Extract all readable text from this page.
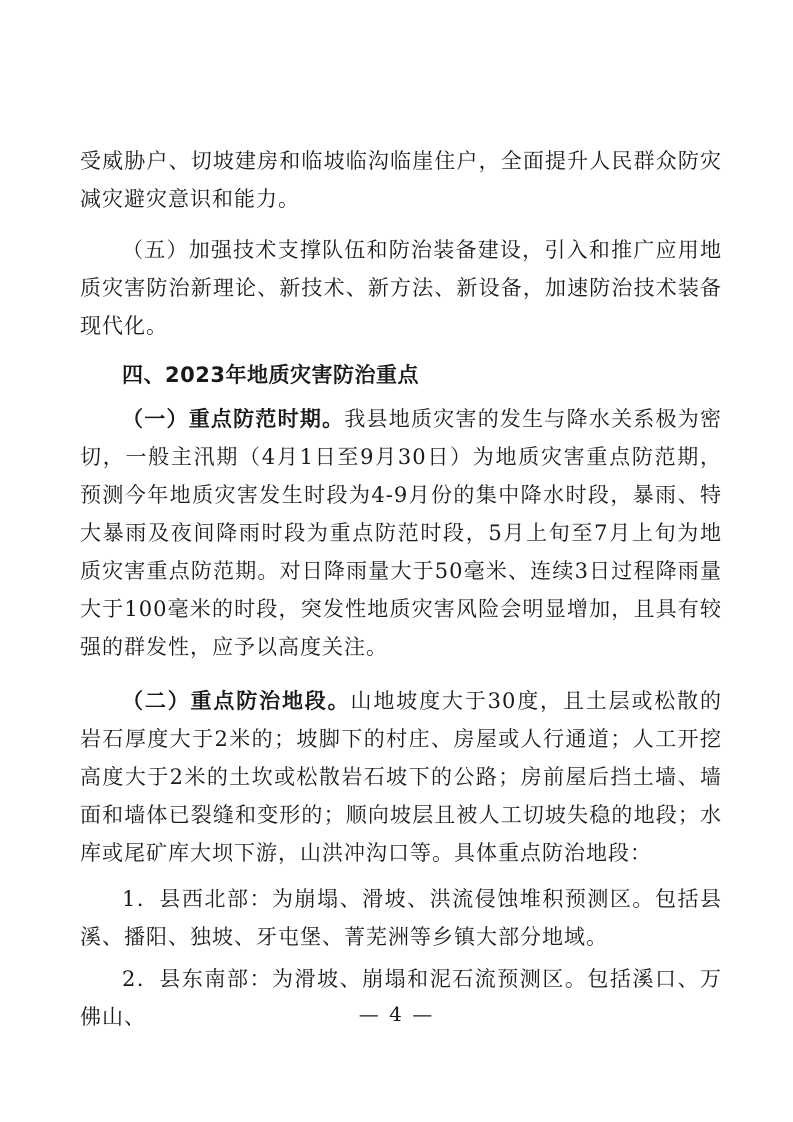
受威胁户、切坡建房和临坡临沟临崖住户，全面提升人民群众防灾减灾避灾意识和能力。

（五）加强技术支撑队伍和防治装备建设，引入和推广应用地质灾害防治新理论、新技术、新方法、新设备，加速防治技术装备现代化。

四、2023年地质灾害防治重点

（一）重点防范时期。我县地质灾害的发生与降水关系极为密切，一般主汛期（4月1日至9月30日）为地质灾害重点防范期，预测今年地质灾害发生时段为4-9月份的集中降水时段，暴雨、特大暴雨及夜间降雨时段为重点防范时段，5月上旬至7月上旬为地质灾害重点防范期。对日降雨量大于50毫米、连续3日过程降雨量大于100毫米的时段，突发性地质灾害风险会明显增加，且具有较强的群发性，应予以高度关注。

（二）重点防治地段。山地坡度大于30度，且土层或松散的岩石厚度大于2米的；坡脚下的村庄、房屋或人行通道；人工开挖高度大于2米的土坎或松散岩石坡下的公路；房前屋后挡土墙、墙面和墙体已裂缝和变形的；顺向坡层且被人工切坡失稳的地段；水库或尾矿库大坝下游，山洪冲沟口等。具体重点防治地段：

1．县西北部：为崩塌、滑坡、洪流侵蚀堆积预测区。包括县溪、播阳、独坡、牙屯堡、菁芜洲等乡镇大部分地域。

2．县东南部：为滑坡、崩塌和泥石流预测区。包括溪口、万佛山、	— 4 —
